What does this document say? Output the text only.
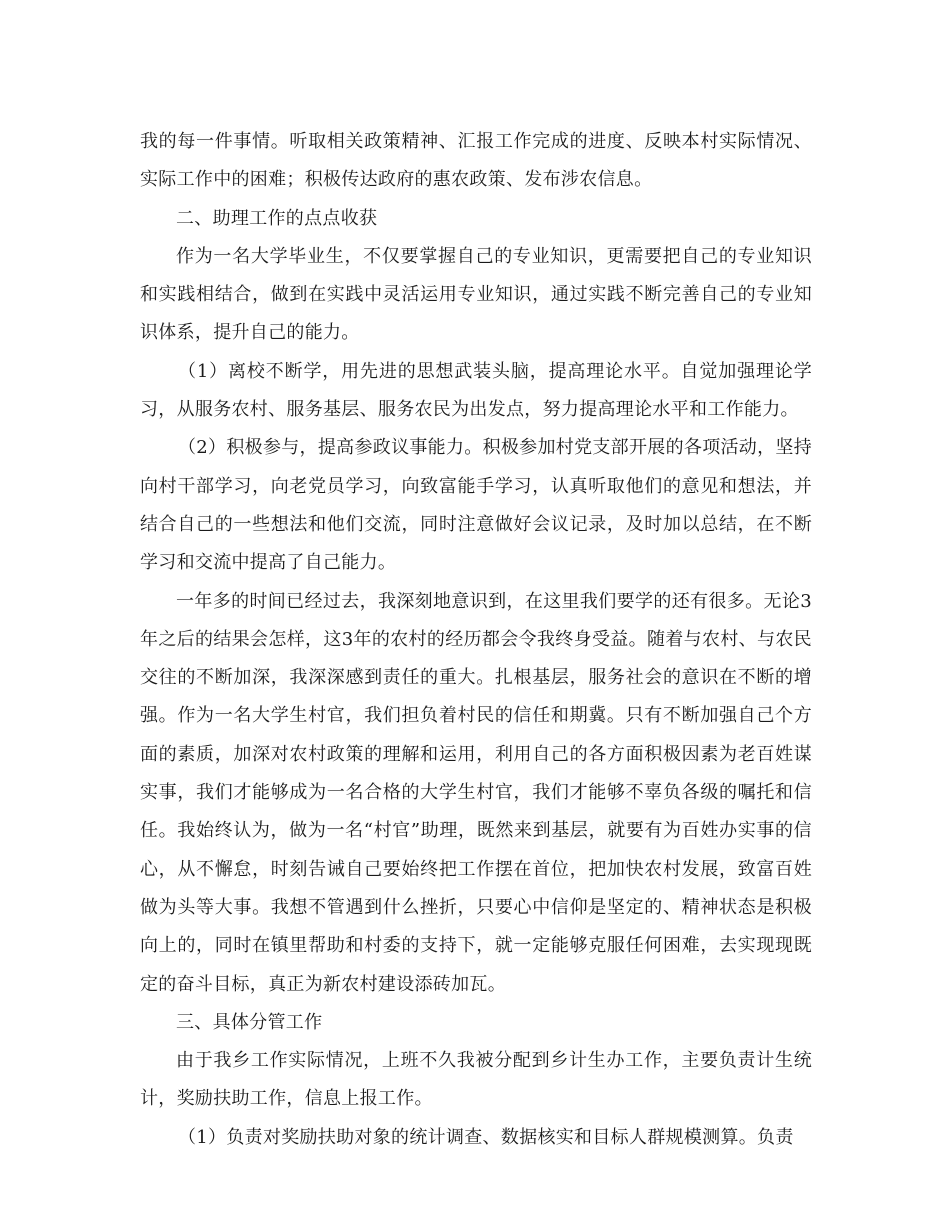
我的每一件事情。听取相关政策精神、汇报工作完成的进度、反映本村实际情况、实际工作中的困难；积极传达政府的惠农政策、发布涉农信息。

二、助理工作的点点收获

作为一名大学毕业生，不仅要掌握自己的专业知识，更需要把自己的专业知识和实践相结合，做到在实践中灵活运用专业知识，通过实践不断完善自己的专业知识体系，提升自己的能力。

（1）离校不断学，用先进的思想武装头脑，提高理论水平。自觉加强理论学习，从服务农村、服务基层、服务农民为出发点，努力提高理论水平和工作能力。

（2）积极参与，提高参政议事能力。积极参加村党支部开展的各项活动，坚持向村干部学习，向老党员学习，向致富能手学习，认真听取他们的意见和想法，并结合自己的一些想法和他们交流，同时注意做好会议记录，及时加以总结，在不断学习和交流中提高了自己能力。

一年多的时间已经过去，我深刻地意识到，在这里我们要学的还有很多。无论3年之后的结果会怎样，这3年的农村的经历都会令我终身受益。随着与农村、与农民交往的不断加深，我深深感到责任的重大。扎根基层，服务社会的意识在不断的增强。作为一名大学生村官，我们担负着村民的信任和期冀。只有不断加强自己个方面的素质，加深对农村政策的理解和运用，利用自己的各方面积极因素为老百姓谋实事，我们才能够成为一名合格的大学生村官，我们才能够不辜负各级的嘱托和信任。我始终认为，做为一名“村官”助理，既然来到基层，就要有为百姓办实事的信心，从不懈怠，时刻告诫自己要始终把工作摆在首位，把加快农村发展，致富百姓做为头等大事。我想不管遇到什么挫折，只要心中信仰是坚定的、精神状态是积极向上的，同时在镇里帮助和村委的支持下，就一定能够克服任何困难，去实现现既定的奋斗目标，真正为新农村建设添砖加瓦。

三、具体分管工作

由于我乡工作实际情况，上班不久我被分配到乡计生办工作，主要负责计生统计，奖励扶助工作，信息上报工作。

（1）负责对奖励扶助对象的统计调查、数据核实和目标人群规模测算。负责
